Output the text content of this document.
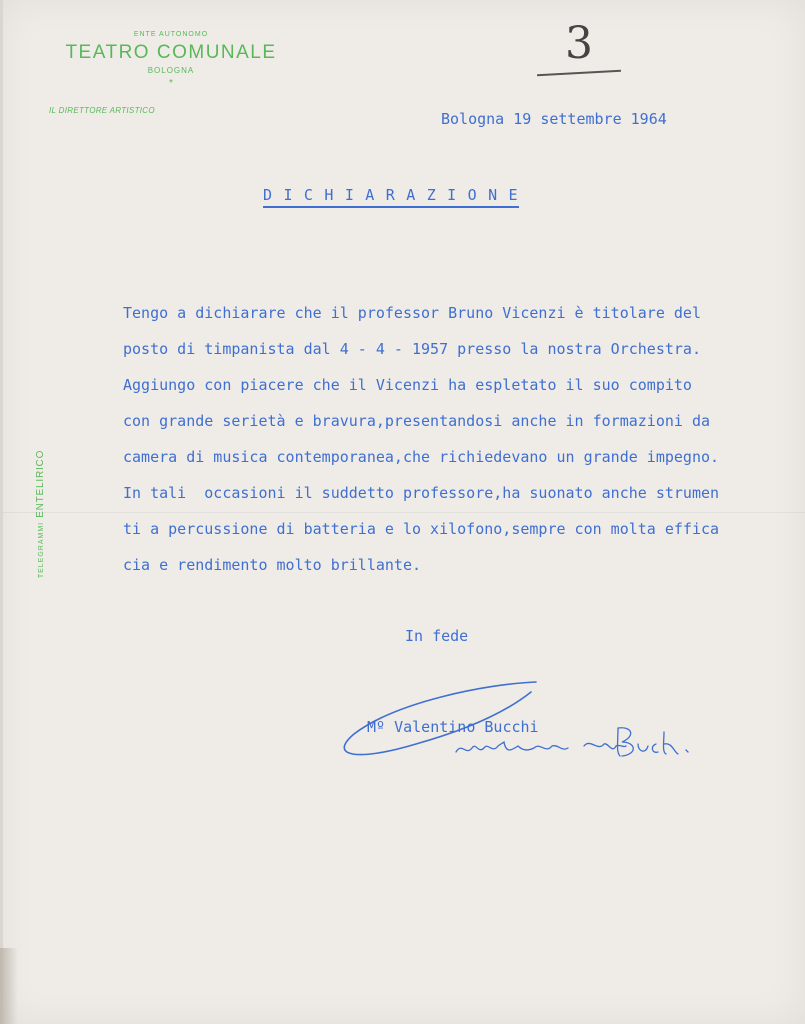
ENTE AUTONOMO
TEATRO COMUNALE
BOLOGNA
*
IL DIRETTORE ARTISTICO
3
Bologna 19 settembre 1964
D I C H I A R A Z I O N E
Tengo a dichiarare che il professor Bruno Vicenzi è titolare del
posto di timpanista dal 4 - 4 - 1957 presso la nostra Orchestra.
Aggiungo con piacere che il Vicenzi ha espletato il suo compito
con grande serietà e bravura,presentandosi anche in formazioni da
camera di musica contemporanea,che richiedevano un grande impegno.
In tali  occasioni il suddetto professore,ha suonato anche strumen
ti a percussione di batteria e lo xilofono,sempre con molta effica
cia e rendimento molto brillante.
In fede
Mº Valentino Bucchi
TELEGRAMMIENTELIRICO
